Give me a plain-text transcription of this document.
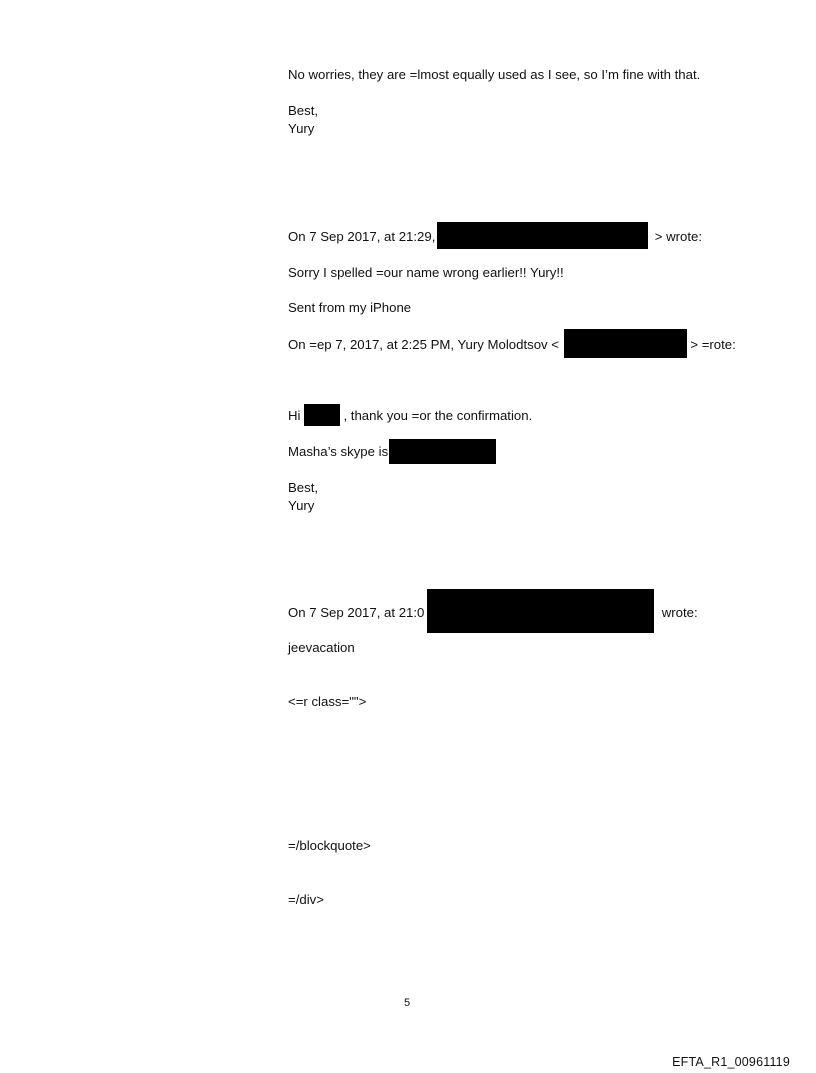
No worries, they are =lmost equally used as I see, so I’m fine with that.
Best,
Yury
On 7 Sep 2017, at 21:29,	> wrote:
Sorry I spelled =our name wrong earlier!! Yury!!
Sent from my iPhone
On =ep 7, 2017, at 2:25 PM, Yury Molodtsov <	> =rote:
Hi	, thank you =or the confirmation.
Masha’s skype is
Best,
Yury
On 7 Sep 2017, at 21:0	wrote:
jeevacation
<=r class="">
=/blockquote>
=/div>
5
EFTA_R1_00961119
